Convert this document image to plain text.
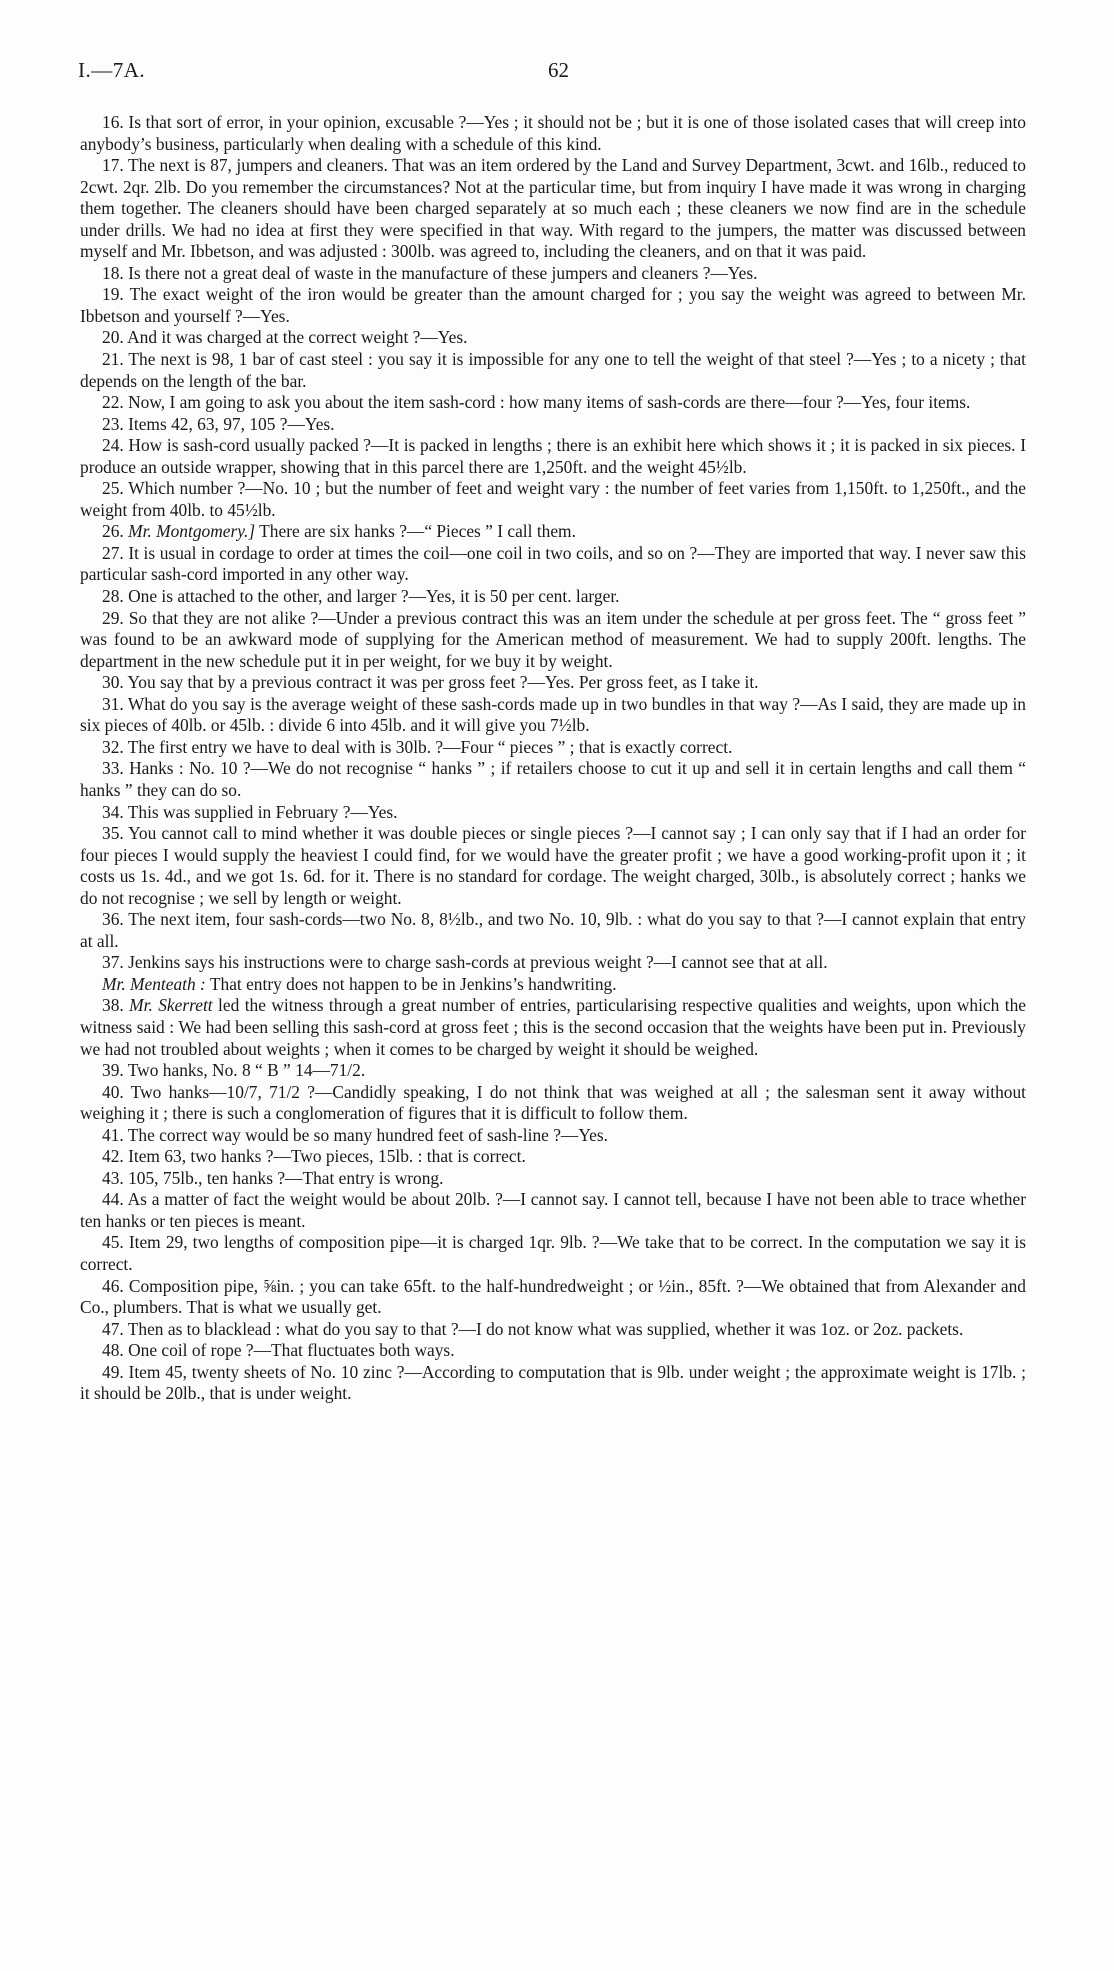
I.—7A.	62

16. Is that sort of error, in your opinion, excusable ?—Yes ; it should not be ; but it is one of those isolated cases that will creep into anybody’s business, particularly when dealing with a schedule of this kind.

17. The next is 87, jumpers and cleaners. That was an item ordered by the Land and Survey Department, 3cwt. and 16lb., reduced to 2cwt. 2qr. 2lb. Do you remember the circumstances? Not at the particular time, but from inquiry I have made it was wrong in charging them together. The cleaners should have been charged separately at so much each ; these cleaners we now find are in the schedule under drills. We had no idea at first they were specified in that way. With regard to the jumpers, the matter was discussed between myself and Mr. Ibbetson, and was adjusted : 300lb. was agreed to, including the cleaners, and on that it was paid.

18. Is there not a great deal of waste in the manufacture of these jumpers and cleaners ?—Yes.

19. The exact weight of the iron would be greater than the amount charged for ; you say the weight was agreed to between Mr. Ibbetson and yourself ?—Yes.

20. And it was charged at the correct weight ?—Yes.

21. The next is 98, 1 bar of cast steel : you say it is impossible for any one to tell the weight of that steel ?—Yes ; to a nicety ; that depends on the length of the bar.

22. Now, I am going to ask you about the item sash-cord : how many items of sash-cords are there—four ?—Yes, four items.

23. Items 42, 63, 97, 105 ?—Yes.

24. How is sash-cord usually packed ?—It is packed in lengths ; there is an exhibit here which shows it ; it is packed in six pieces. I produce an outside wrapper, showing that in this parcel there are 1,250ft. and the weight 45½lb.

25. Which number ?—No. 10 ; but the number of feet and weight vary : the number of feet varies from 1,150ft. to 1,250ft., and the weight from 40lb. to 45½lb.

26. Mr. Montgomery.] There are six hanks ?—“ Pieces ” I call them.

27. It is usual in cordage to order at times the coil—one coil in two coils, and so on ?—They are imported that way. I never saw this particular sash-cord imported in any other way.

28. One is attached to the other, and larger ?—Yes, it is 50 per cent. larger.

29. So that they are not alike ?—Under a previous contract this was an item under the schedule at per gross feet. The “ gross feet ” was found to be an awkward mode of supplying for the American method of measurement. We had to supply 200ft. lengths. The department in the new schedule put it in per weight, for we buy it by weight.

30. You say that by a previous contract it was per gross feet ?—Yes. Per gross feet, as I take it.

31. What do you say is the average weight of these sash-cords made up in two bundles in that way ?—As I said, they are made up in six pieces of 40lb. or 45lb. : divide 6 into 45lb. and it will give you 7½lb.

32. The first entry we have to deal with is 30lb. ?—Four “ pieces ” ; that is exactly correct.

33. Hanks : No. 10 ?—We do not recognise “ hanks ” ; if retailers choose to cut it up and sell it in certain lengths and call them “ hanks ” they can do so.

34. This was supplied in February ?—Yes.

35. You cannot call to mind whether it was double pieces or single pieces ?—I cannot say ; I can only say that if I had an order for four pieces I would supply the heaviest I could find, for we would have the greater profit ; we have a good working-profit upon it ; it costs us 1s. 4d., and we got 1s. 6d. for it. There is no standard for cordage. The weight charged, 30lb., is absolutely correct ; hanks we do not recognise ; we sell by length or weight.

36. The next item, four sash-cords—two No. 8, 8½lb., and two No. 10, 9lb. : what do you say to that ?—I cannot explain that entry at all.

37. Jenkins says his instructions were to charge sash-cords at previous weight ?—I cannot see that at all.

Mr. Menteath : That entry does not happen to be in Jenkins’s handwriting.

38. Mr. Skerrett led the witness through a great number of entries, particularising respective qualities and weights, upon which the witness said : We had been selling this sash-cord at gross feet ; this is the second occasion that the weights have been put in. Previously we had not troubled about weights ; when it comes to be charged by weight it should be weighed.

39. Two hanks, No. 8 “ B ” 14—71/2.

40. Two hanks—10/7, 71/2 ?—Candidly speaking, I do not think that was weighed at all ; the salesman sent it away without weighing it ; there is such a conglomeration of figures that it is difficult to follow them.

41. The correct way would be so many hundred feet of sash-line ?—Yes.

42. Item 63, two hanks ?—Two pieces, 15lb. : that is correct.

43. 105, 75lb., ten hanks ?—That entry is wrong.

44. As a matter of fact the weight would be about 20lb. ?—I cannot say. I cannot tell, because I have not been able to trace whether ten hanks or ten pieces is meant.

45. Item 29, two lengths of composition pipe—it is charged 1qr. 9lb. ?—We take that to be correct. In the computation we say it is correct.

46. Composition pipe, ⅝in. ; you can take 65ft. to the half-hundredweight ; or ½in., 85ft. ?—We obtained that from Alexander and Co., plumbers. That is what we usually get.

47. Then as to blacklead : what do you say to that ?—I do not know what was supplied, whether it was 1oz. or 2oz. packets.

48. One coil of rope ?—That fluctuates both ways.

49. Item 45, twenty sheets of No. 10 zinc ?—According to computation that is 9lb. under weight ; the approximate weight is 17lb. ; it should be 20lb., that is under weight.
